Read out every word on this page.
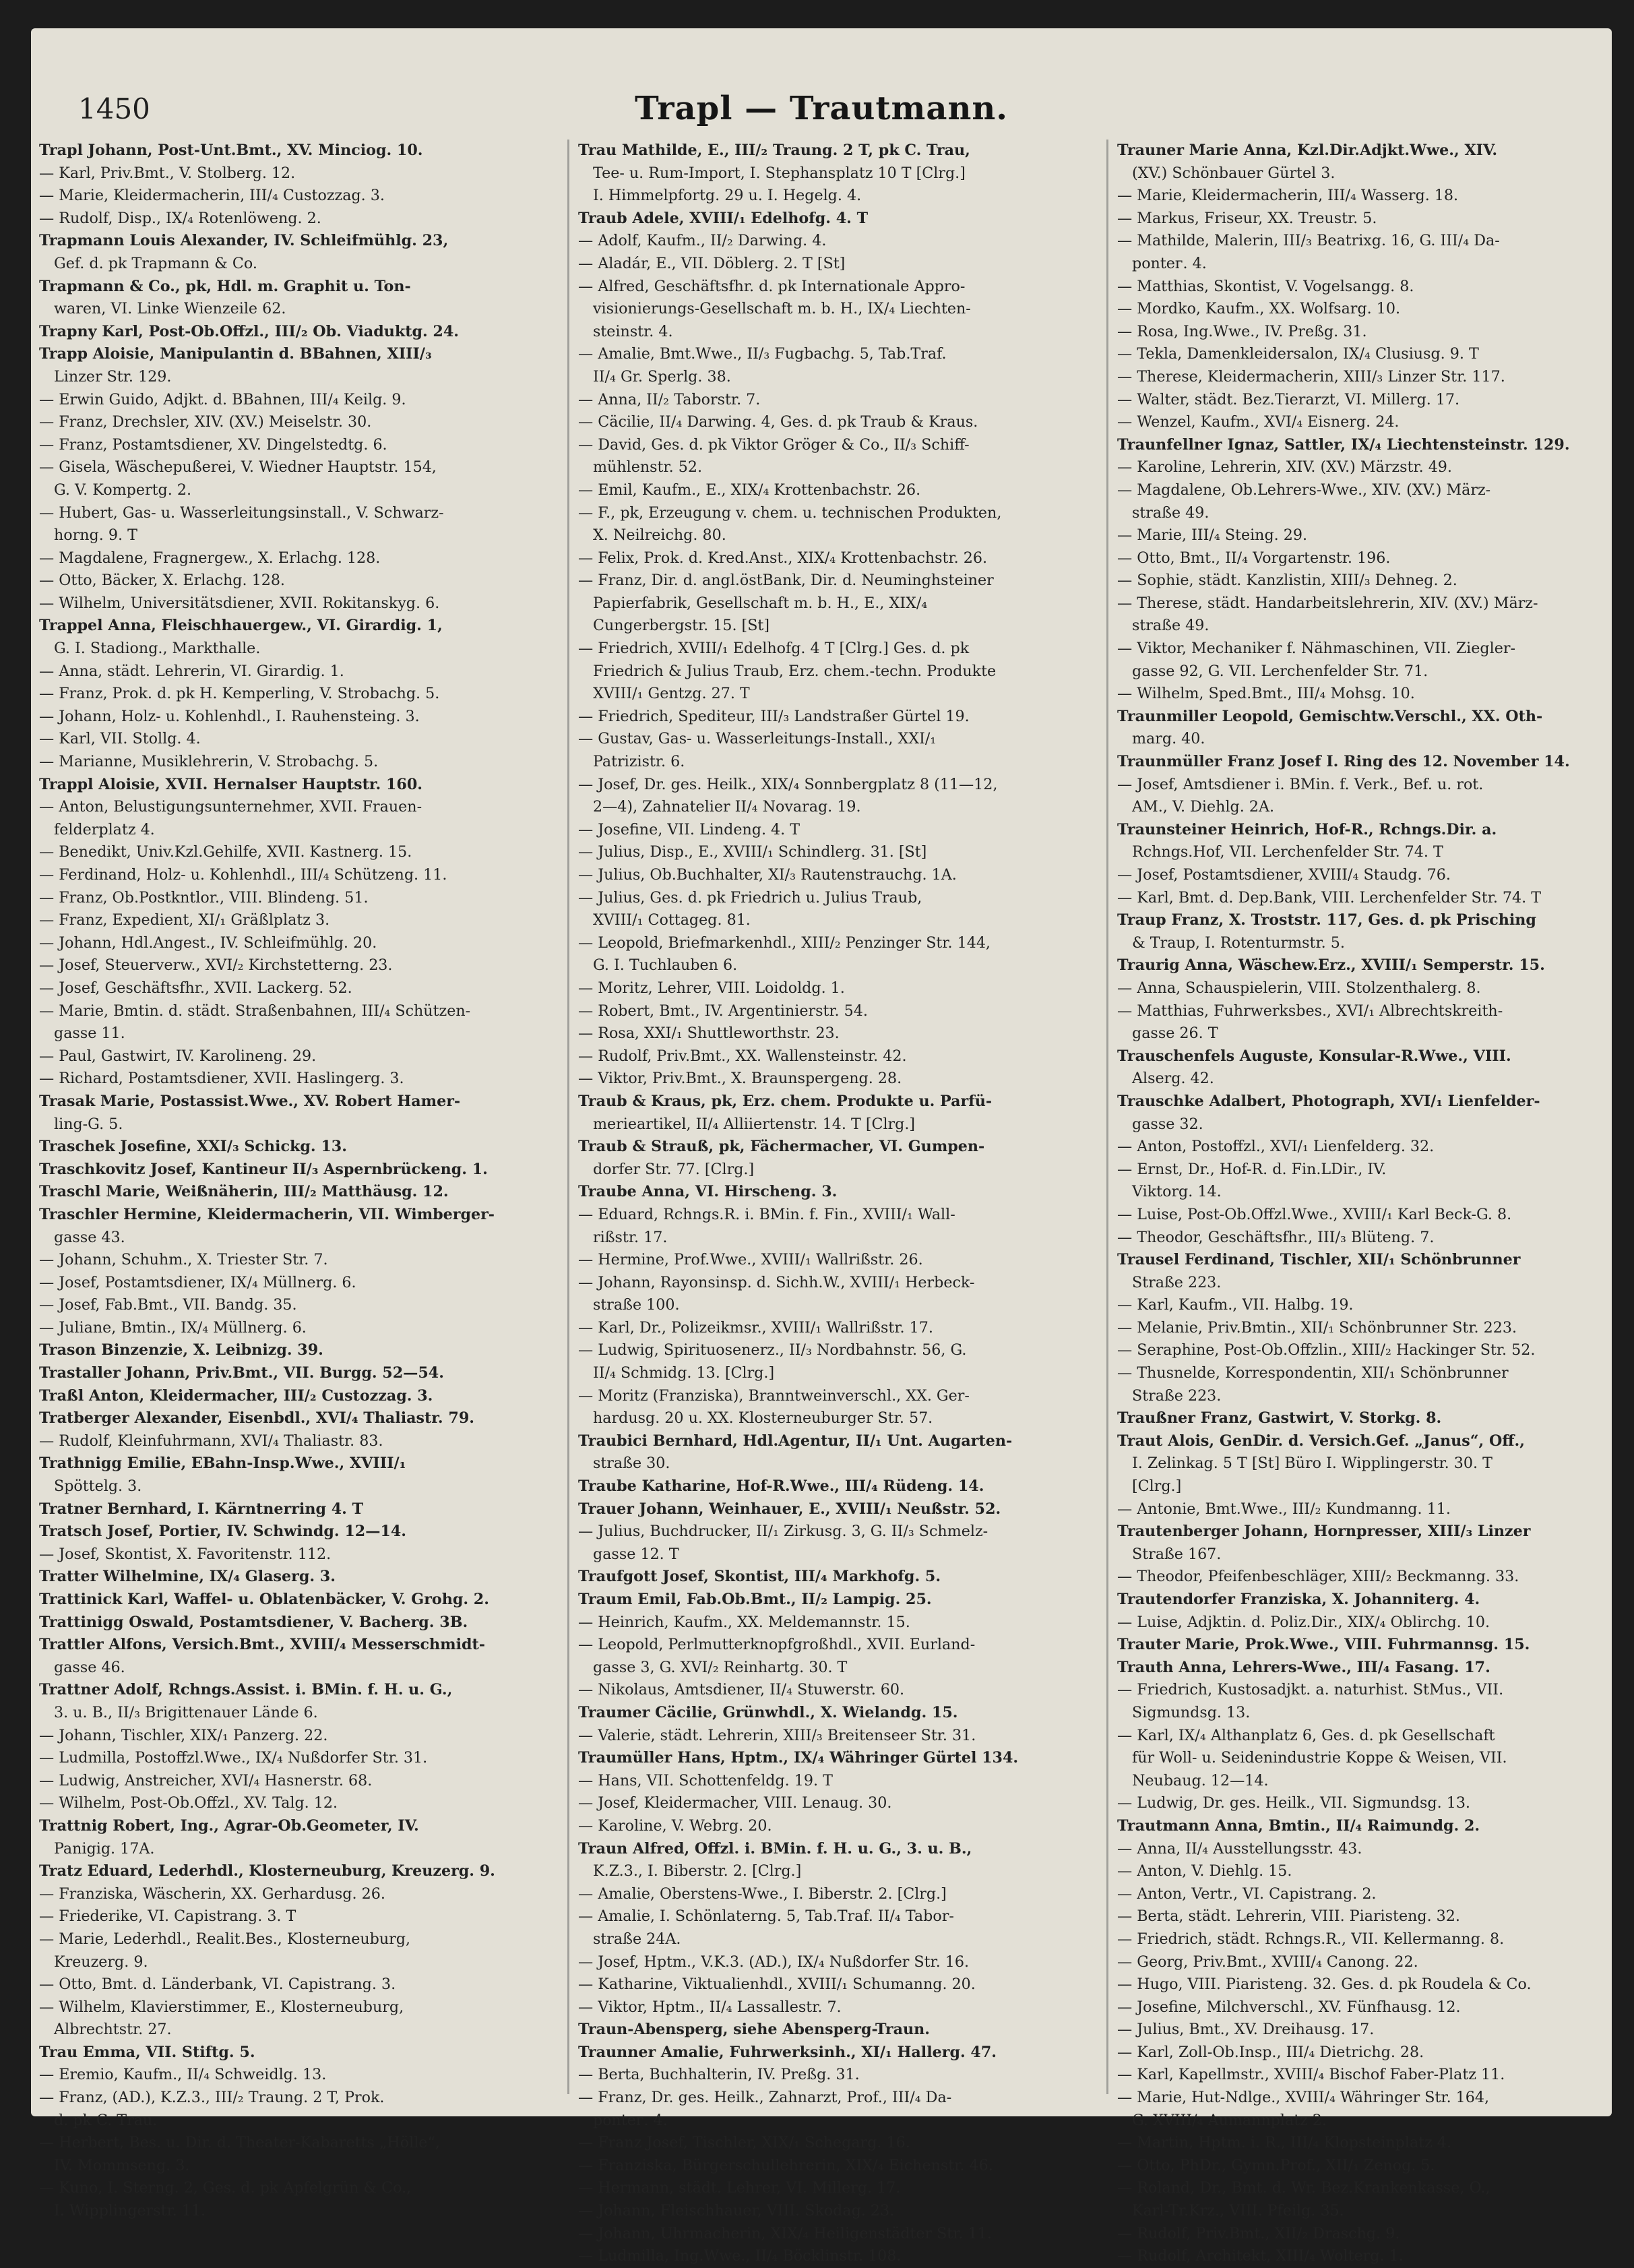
1450	Trapl — Trautmann.
Trapl Johann, Post-Unt.Bmt., XV. Minciog. 10.
— Karl, Priv.Bmt., V. Stolberg. 12.
— Marie, Kleidermacherin, III/₄ Custozzag. 3.
— Rudolf, Disp., IX/₄ Rotenlöweng. 2.
Trapmann Louis Alexander, IV. Schleifmühlg. 23,
Gef. d. pk Trapmann & Co.
Trapmann & Co., pk, Hdl. m. Graphit u. Ton-
waren, VI. Linke Wienzeile 62.
Trapny Karl, Post-Ob.Offzl., III/₂ Ob. Viaduktg. 24.
Trapp Aloisie, Manipulantin d. BBahnen, XIII/₃
Linzer Str. 129.
— Erwin Guido, Adjkt. d. BBahnen, III/₄ Keilg. 9.
— Franz, Drechsler, XIV. (XV.) Meiselstr. 30.
— Franz, Postamtsdiener, XV. Dingelstedtg. 6.
— Gisela, Wäschepußerei, V. Wiedner Hauptstr. 154,
G. V. Kompertg. 2.
— Hubert, Gas- u. Wasserleitungsinstall., V. Schwarz-
horng. 9. T
— Magdalene, Fragnergew., X. Erlachg. 128.
— Otto, Bäcker, X. Erlachg. 128.
— Wilhelm, Universitätsdiener, XVII. Rokitanskyg. 6.
Trappel Anna, Fleischhauergew., VI. Girardig. 1,
G. I. Stadiong., Markthalle.
— Anna, städt. Lehrerin, VI. Girardig. 1.
— Franz, Prok. d. pk H. Kemperling, V. Strobachg. 5.
— Johann, Holz- u. Kohlenhdl., I. Rauhensteing. 3.
— Karl, VII. Stollg. 4.
— Marianne, Musiklehrerin, V. Strobachg. 5.
Trappl Aloisie, XVII. Hernalser Hauptstr. 160.
— Anton, Belustigungsunternehmer, XVII. Frauen-
felderplatz 4.
— Benedikt, Univ.Kzl.Gehilfe, XVII. Kastnerg. 15.
— Ferdinand, Holz- u. Kohlenhdl., III/₄ Schützeng. 11.
— Franz, Ob.Postkntlor., VIII. Blindeng. 51.
— Franz, Expedient, XI/₁ Gräßlplatz 3.
— Johann, Hdl.Angest., IV. Schleifmühlg. 20.
— Josef, Steuerverw., XVI/₂ Kirchstetterng. 23.
— Josef, Geschäftsfhr., XVII. Lackerg. 52.
— Marie, Bmtin. d. städt. Straßenbahnen, III/₄ Schützen-
gasse 11.
— Paul, Gastwirt, IV. Karolineng. 29.
— Richard, Postamtsdiener, XVII. Haslingerg. 3.
Trasak Marie, Postassist.Wwe., XV. Robert Hamer-
ling-G. 5.
Traschek Josefine, XXI/₃ Schickg. 13.
Traschkovitz Josef, Kantineur II/₃ Aspernbrückeng. 1.
Traschl Marie, Weißnäherin, III/₂ Matthäusg. 12.
Traschler Hermine, Kleidermacherin, VII. Wimberger-
gasse 43.
— Johann, Schuhm., X. Triester Str. 7.
— Josef, Postamtsdiener, IX/₄ Müllnerg. 6.
— Josef, Fab.Bmt., VII. Bandg. 35.
— Juliane, Bmtin., IX/₄ Müllnerg. 6.
Trason Binzenzie, X. Leibnizg. 39.
Trastaller Johann, Priv.Bmt., VII. Burgg. 52—54.
Traßl Anton, Kleidermacher, III/₂ Custozzag. 3.
Tratberger Alexander, Eisenbdl., XVI/₄ Thaliastr. 79.
— Rudolf, Kleinfuhrmann, XVI/₄ Thaliastr. 83.
Trathnigg Emilie, EBahn-Insp.Wwe., XVIII/₁
Spöttelg. 3.
Tratner Bernhard, I. Kärntnerring 4. T
Tratsch Josef, Portier, IV. Schwindg. 12—14.
— Josef, Skontist, X. Favoritenstr. 112.
Tratter Wilhelmine, IX/₄ Glaserg. 3.
Trattinick Karl, Waffel- u. Oblatenbäcker, V. Grohg. 2.
Trattinigg Oswald, Postamtsdiener, V. Bacherg. 3B.
Trattler Alfons, Versich.Bmt., XVIII/₄ Messerschmidt-
gasse 46.
Trattner Adolf, Rchngs.Assist. i. BMin. f. H. u. G.,
3. u. B., II/₃ Brigittenauer Lände 6.
— Johann, Tischler, XIX/₁ Panzerg. 22.
— Ludmilla, Postoffzl.Wwe., IX/₄ Nußdorfer Str. 31.
— Ludwig, Anstreicher, XVI/₄ Hasnerstr. 68.
— Wilhelm, Post-Ob.Offzl., XV. Talg. 12.
Trattnig Robert, Ing., Agrar-Ob.Geometer, IV.
Panigig. 17A.
Tratz Eduard, Lederhdl., Klosterneuburg, Kreuzerg. 9.
— Franziska, Wäscherin, XX. Gerhardusg. 26.
— Friederike, VI. Capistrang. 3. T
— Marie, Lederhdl., Realit.Bes., Klosterneuburg,
Kreuzerg. 9.
— Otto, Bmt. d. Länderbank, VI. Capistrang. 3.
— Wilhelm, Klavierstimmer, E., Klosterneuburg,
Albrechtstr. 27.
Trau Emma, VII. Stiftg. 5.
— Eremio, Kaufm., II/₄ Schweidlg. 13.
— Franz, (AD.), K.Z.3., III/₂ Traung. 2 T, Prok.
d. pk C. Trau.
— Herbert, Bes. u. Dir. d. Theater-Kabaretts „Hölle“,
IV. Mommseng. 3.
— Kuno, I. Sterng. 2, Ges. d. pk Apfelgrün & Co.,
I. Wipplingerstr. 11.
Trau Mathilde, E., III/₂ Traung. 2 T, pk C. Trau,
Tee- u. Rum-Import, I. Stephansplatz 10 T [Clrg.]
I. Himmelpfortg. 29 u. I. Hegelg. 4.
Traub Adele, XVIII/₁ Edelhofg. 4. T
— Adolf, Kaufm., II/₂ Darwing. 4.
— Aladár, E., VII. Döblerg. 2. T [St]
— Alfred, Geschäftsfhr. d. pk Internationale Appro-
visionierungs-Gesellschaft m. b. H., IX/₄ Liechten-
steinstr. 4.
— Amalie, Bmt.Wwe., II/₃ Fugbachg. 5, Tab.Traf.
II/₄ Gr. Sperlg. 38.
— Anna, II/₂ Taborstr. 7.
— Cäcilie, II/₄ Darwing. 4, Ges. d. pk Traub & Kraus.
— David, Ges. d. pk Viktor Gröger & Co., II/₃ Schiff-
mühlenstr. 52.
— Emil, Kaufm., E., XIX/₄ Krottenbachstr. 26.
— F., pk, Erzeugung v. chem. u. technischen Produkten,
X. Neilreichg. 80.
— Felix, Prok. d. Kred.Anst., XIX/₄ Krottenbachstr. 26.
— Franz, Dir. d. angl.östBank, Dir. d. Neuminghsteiner
Papierfabrik, Gesellschaft m. b. H., E., XIX/₄
Cungerbergstr. 15. [St]
— Friedrich, XVIII/₁ Edelhofg. 4 T [Clrg.] Ges. d. pk
Friedrich & Julius Traub, Erz. chem.-techn. Produkte
XVIII/₁ Gentzg. 27. T
— Friedrich, Spediteur, III/₃ Landstraßer Gürtel 19.
— Gustav, Gas- u. Wasserleitungs-Install., XXI/₁
Patrizistr. 6.
— Josef, Dr. ges. Heilk., XIX/₄ Sonnbergplatz 8 (11—12,
2—4), Zahnatelier II/₄ Novarag. 19.
— Josefine, VII. Lindeng. 4. T
— Julius, Disp., E., XVIII/₁ Schindlerg. 31. [St]
— Julius, Ob.Buchhalter, XI/₃ Rautenstrauchg. 1A.
— Julius, Ges. d. pk Friedrich u. Julius Traub,
XVIII/₁ Cottageg. 81.
— Leopold, Briefmarkenhdl., XIII/₂ Penzinger Str. 144,
G. I. Tuchlauben 6.
— Moritz, Lehrer, VIII. Loidoldg. 1.
— Robert, Bmt., IV. Argentinierstr. 54.
— Rosa, XXI/₁ Shuttleworthstr. 23.
— Rudolf, Priv.Bmt., XX. Wallensteinstr. 42.
— Viktor, Priv.Bmt., X. Braunspergeng. 28.
Traub & Kraus, pk, Erz. chem. Produkte u. Parfü-
merieartikel, II/₄ Alliiertenstr. 14. T [Clrg.]
Traub & Strauß, pk, Fächermacher, VI. Gumpen-
dorfer Str. 77. [Clrg.]
Traube Anna, VI. Hirscheng. 3.
— Eduard, Rchngs.R. i. BMin. f. Fin., XVIII/₁ Wall-
rißstr. 17.
— Hermine, Prof.Wwe., XVIII/₁ Wallrißstr. 26.
— Johann, Rayonsinsp. d. Sichh.W., XVIII/₁ Herbeck-
straße 100.
— Karl, Dr., Polizeikmsr., XVIII/₁ Wallrißstr. 17.
— Ludwig, Spirituosenerz., II/₃ Nordbahnstr. 56, G.
II/₄ Schmidg. 13. [Clrg.]
— Moritz (Franziska), Branntweinverschl., XX. Ger-
hardusg. 20 u. XX. Klosterneuburger Str. 57.
Traubici Bernhard, Hdl.Agentur, II/₁ Unt. Augarten-
straße 30.
Traube Katharine, Hof-R.Wwe., III/₄ Rüdeng. 14.
Trauer Johann, Weinhauer, E., XVIII/₁ Neußstr. 52.
— Julius, Buchdrucker, II/₁ Zirkusg. 3, G. II/₃ Schmelz-
gasse 12. T
Traufgott Josef, Skontist, III/₄ Markhofg. 5.
Traum Emil, Fab.Ob.Bmt., II/₂ Lampig. 25.
— Heinrich, Kaufm., XX. Meldemannstr. 15.
— Leopold, Perlmutterknopfgroßhdl., XVII. Eurland-
gasse 3, G. XVI/₂ Reinhartg. 30. T
— Nikolaus, Amtsdiener, II/₄ Stuwerstr. 60.
Traumer Cäcilie, Grünwhdl., X. Wielandg. 15.
— Valerie, städt. Lehrerin, XIII/₃ Breitenseer Str. 31.
Traumüller Hans, Hptm., IX/₄ Währinger Gürtel 134.
— Hans, VII. Schottenfeldg. 19. T
— Josef, Kleidermacher, VIII. Lenaug. 30.
— Karoline, V. Webrg. 20.
Traun Alfred, Offzl. i. BMin. f. H. u. G., 3. u. B.,
K.Z.3., I. Biberstr. 2. [Clrg.]
— Amalie, Oberstens-Wwe., I. Biberstr. 2. [Clrg.]
— Amalie, I. Schönlaterng. 5, Tab.Traf. II/₄ Tabor-
straße 24A.
— Josef, Hptm., V.K.3. (AD.), IX/₄ Nußdorfer Str. 16.
— Katharine, Viktualienhdl., XVIII/₁ Schumanng. 20.
— Viktor, Hptm., II/₄ Lassallestr. 7.
Traun-Abensperg, siehe Abensperg-Traun.
Traunner Amalie, Fuhrwerksinh., XI/₁ Hallerg. 47.
— Berta, Buchhalterin, IV. Preßg. 31.
— Franz, Dr. ges. Heilk., Zahnarzt, Prof., III/₄ Da-
pontег. 4.
— Franz Josef, Tischler, XIX/₁ Schegarg. 16.
— Franziska, Bürgerschullehrerin, XIX/₄ Eichenstr. 46.
— Hermann, städt. Lehrer, VI. Millerg. 17.
— Johann, Fleischhauer, VIII. Skodag. 23.
— Johann, Uhrmacherin, XIX/₄ Heiligenstädter Str. 11.
— Ludmilla, Ing.Wwe., II/₄ Böcklinstr. 108.
Trauner Marie Anna, Kzl.Dir.Adjkt.Wwe., XIV.
(XV.) Schönbauer Gürtel 3.
— Marie, Kleidermacherin, III/₄ Wasserg. 18.
— Markus, Friseur, XX. Treustr. 5.
— Mathilde, Malerin, III/₃ Beatrixg. 16, G. III/₄ Da-
pontег. 4.
— Matthias, Skontist, V. Vogelsangg. 8.
— Mordko, Kaufm., XX. Wolfsarg. 10.
— Rosa, Ing.Wwe., IV. Preßg. 31.
— Tekla, Damenkleidersalon, IX/₄ Clusiusg. 9. T
— Therese, Kleidermacherin, XIII/₃ Linzer Str. 117.
— Walter, städt. Bez.Tierarzt, VI. Millerg. 17.
— Wenzel, Kaufm., XVI/₄ Eisnerg. 24.
Traunfellner Ignaz, Sattler, IX/₄ Liechtensteinstr. 129.
— Karoline, Lehrerin, XIV. (XV.) Märzstr. 49.
— Magdalene, Ob.Lehrers-Wwe., XIV. (XV.) März-
straße 49.
— Marie, III/₄ Steing. 29.
— Otto, Bmt., II/₄ Vorgartenstr. 196.
— Sophie, städt. Kanzlistin, XIII/₃ Dehneg. 2.
— Therese, städt. Handarbeitslehrerin, XIV. (XV.) März-
straße 49.
— Viktor, Mechaniker f. Nähmaschinen, VII. Ziegler-
gasse 92, G. VII. Lerchenfelder Str. 71.
— Wilhelm, Sped.Bmt., III/₄ Mohsg. 10.
Traunmiller Leopold, Gemischtw.Verschl., XX. Oth-
marg. 40.
Traunmüller Franz Josef I. Ring des 12. November 14.
— Josef, Amtsdiener i. BMin. f. Verk., Bef. u. rot.
AM., V. Diehlg. 2A.
Traunsteiner Heinrich, Hof-R., Rchngs.Dir. a.
Rchngs.Hof, VII. Lerchenfelder Str. 74. T
— Josef, Postamtsdiener, XVIII/₄ Staudg. 76.
— Karl, Bmt. d. Dep.Bank, VIII. Lerchenfelder Str. 74. T
Traup Franz, X. Troststr. 117, Ges. d. pk Prisching
& Traup, I. Rotenturmstr. 5.
Traurig Anna, Wäschew.Erz., XVIII/₁ Semperstr. 15.
— Anna, Schauspielerin, VIII. Stolzenthalerg. 8.
— Matthias, Fuhrwerksbes., XVI/₁ Albrechtskreith-
gasse 26. T
Trauschenfels Auguste, Konsular-R.Wwe., VIII.
Alserg. 42.
Trauschke Adalbert, Photograph, XVI/₁ Lienfelder-
gasse 32.
— Anton, Postoffzl., XVI/₁ Lienfelderg. 32.
— Ernst, Dr., Hof-R. d. Fin.LDir., IV.
Viktorg. 14.
— Luise, Post-Ob.Offzl.Wwe., XVIII/₁ Karl Beck-G. 8.
— Theodor, Geschäftsfhr., III/₃ Blüteng. 7.
Trausel Ferdinand, Tischler, XII/₁ Schönbrunner
Straße 223.
— Karl, Kaufm., VII. Halbg. 19.
— Melanie, Priv.Bmtin., XII/₁ Schönbrunner Str. 223.
— Seraphine, Post-Ob.Offzlin., XIII/₂ Hackinger Str. 52.
— Thusnelde, Korrespondentin, XII/₁ Schönbrunner
Straße 223.
Traußner Franz, Gastwirt, V. Storkg. 8.
Traut Alois, GenDir. d. Versich.Gef. „Janus“, Off.,
I. Zelinkag. 5 T [St] Büro I. Wipplingerstr. 30. T
[Clrg.]
— Antonie, Bmt.Wwe., III/₂ Kundmanng. 11.
Trautenberger Johann, Hornpresser, XIII/₃ Linzer
Straße 167.
— Theodor, Pfeifenbeschläger, XIII/₂ Beckmanng. 33.
Trautendorfer Franziska, X. Johanniterg. 4.
— Luise, Adjktin. d. Poliz.Dir., XIX/₄ Oblirchg. 10.
Trauter Marie, Prok.Wwe., VIII. Fuhrmannsg. 15.
Trauth Anna, Lehrers-Wwe., III/₄ Fasang. 17.
— Friedrich, Kustosadjkt. a. naturhist. StMus., VII.
Sigmundsg. 13.
— Karl, IX/₄ Althanplatz 6, Ges. d. pk Gesellschaft
für Woll- u. Seidenindustrie Koppe & Weisen, VII.
Neubaug. 12—14.
— Ludwig, Dr. ges. Heilk., VII. Sigmundsg. 13.
Trautmann Anna, Bmtin., II/₄ Raimundg. 2.
— Anna, II/₄ Ausstellungsstr. 43.
— Anton, V. Diehlg. 15.
— Anton, Vertr., VI. Capistrang. 2.
— Berta, städt. Lehrerin, VIII. Piaristeng. 32.
— Friedrich, städt. Rchngs.R., VII. Kellermanng. 8.
— Georg, Priv.Bmt., XVIII/₄ Canong. 22.
— Hugo, VIII. Piaristeng. 32. Ges. d. pk Roudela & Co.
— Josefine, Milchverschl., XV. Fünfhausg. 12.
— Julius, Bmt., XV. Dreihausg. 17.
— Karl, Zoll-Ob.Insp., III/₄ Dietrichg. 28.
— Karl, Kapellmstr., XVIII/₄ Bischof Faber-Platz 11.
— Marie, Hut-Ndlge., XVIII/₄ Währinger Str. 164,
G. XVIII/₄ Aumannplatz 2.
— Martin, Hptm. i. R., III/₄ Klopsteinplatz 4.
— Otto, PhDr., Gymn.Prof., XII/₁ Zenog. 5.
— Roland, Dr., Bmt. d. Wr. Bez.Krankenkasse, O.,
Karl-Tr.Krz., VIII. Pfeilg. 35.
— Rudolf, Priv.Bmt., XII/₂ Draschg. 9.
— Rudolf, Architekt, XIII/₄ Wolterg. 1.
